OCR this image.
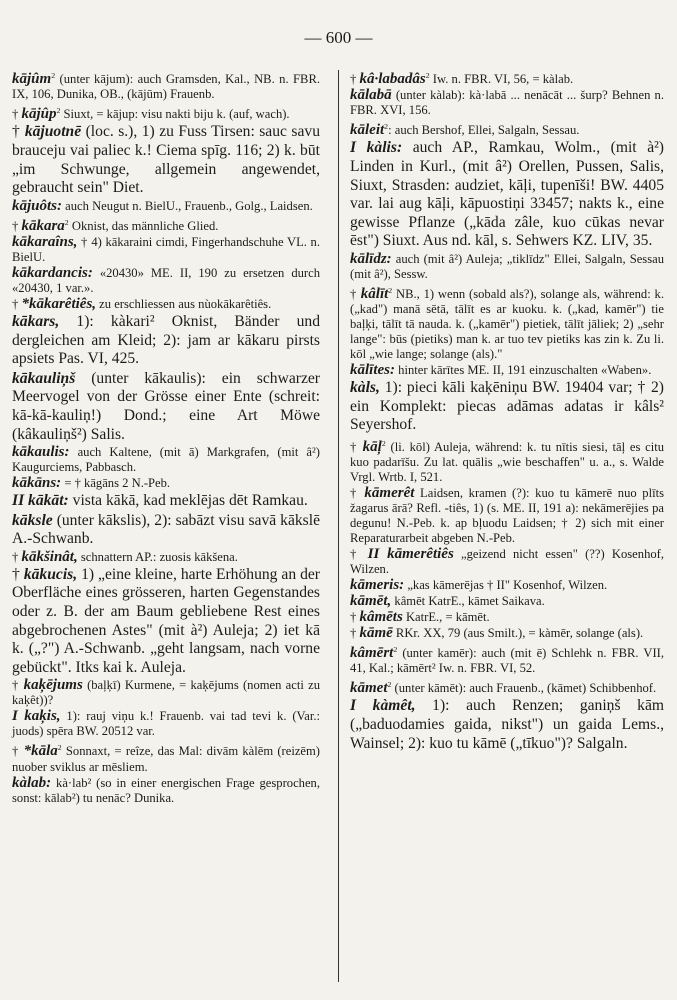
— 600 —

kājûm$^2$ (unter kājum): auch Gramsden, Kal., NB. n. FBR. IX, 106, Dunika, OB., (kājūm) Frauenb.

† kājûp$^2$ Siuxt, = kājup: visu nakti biju k. (auf, wach).

† kājuotnē (loc. s.), 1) zu Fuss Tirsen: sauc savu brauceju vai paliec k.! Ciema spīg. 116; 2) k. būt „im Schwunge, allgemein angewendet, gebraucht sein" Diet.

kājuôts: auch Neugut n. BielU., Frauenb., Golg., Laidsen.

† kākara$^2$ Oknist, das männliche Glied.

kākaraîns, † 4) kākaraini cimdi, Fingerhandschuhe VL. n. BielU.

kākardancis: «20430» ME. II, 190 zu ersetzen durch «20430, 1 var.».

† *kākarêtiês, zu erschliessen aus nùokākarêtiês.

kākars, 1): kàkari² Oknist, Bänder und dergleichen am Kleid; 2): jam ar kākaru pirsts apsiets Pas. VI, 425.

kākauliņš (unter kākaulis): ein schwarzer Meervogel von der Grösse einer Ente (schreit: kā-kā-kauliņ!) Dond.; eine Art Möwe (kâkauliņš²) Salis.

kākaulis: auch Kaltene, (mit ā) Markgrafen, (mit â²) Kaugurciems, Pabbasch.

kākāns: = † kāgāns 2 N.-Peb.

II kākāt: vista kākā, kad meklējas dēt Ramkau.

kāksle (unter kākslis), 2): sabāzt visu savā kākslē A.-Schwanb.

† kākšinât, schnattern AP.: zuosis kākšena.

† kākucis, 1) „eine kleine, harte Erhöhung an der Oberfläche eines grösseren, harten Gegenstandes oder z. B. der am Baum gebliebene Rest eines abgebrochenen Astes" (mit à²) Auleja; 2) iet kā k. („?") A.-Schwanb. „geht langsam, nach vorne gebückt". Itks kai k. Auleja.

† kaķējums (baļķī) Kurmene, = kaķējums (nomen acti zu kaķêt))?

I kaķis, 1): rauj viņu k.! Frauenb. vai tad tevi k. (Var.: juods) spēra BW. 20512 var.

† *kāla$^2$ Sonnaxt, = reîze, das Mal: divām kàlēm (reizēm) nuober sviklus ar mēsliem.

kàlab: kà·lab² (so in einer energischen Frage gesprochen, sonst: kālab²) tu nenāc? Dunika.

† kâ·labadâs$^2$ Iw. n. FBR. VI, 56, = kàlab.

kālabā (unter kàlab): kà·labā ... nenācāt ... šurp? Behnen n. FBR. XVI, 156.

kāleit$^2$: auch Bershof, Ellei, Salgaln, Sessau.

I kàlis: auch AP., Ramkau, Wolm., (mit à²) Linden in Kurl., (mit â²) Orellen, Pussen, Salis, Siuxt, Strasden: audziet, kāļi, tupenīši! BW. 4405 var. lai aug kāļi, kāpuostiņi 33457; nakts k., eine gewisse Pflanze („kāda zâle, kuo cūkas nevar ēst") Siuxt. Aus nd. kāl, s. Sehwers KZ. LIV, 35.

kālīdz: auch (mit â²) Auleja; „tiklīdz" Ellei, Salgaln, Sessau (mit â²), Sessw.

† kâlīt$^2$ NB., 1) wenn (sobald als?), solange als, während: k. („kad") manā sētā, tālīt es ar kuoku. k. („kad, kamēr") tie baļķi, tālīt tā nauda. k. („kamēr") pietiek, tālīt jāliek; 2) „sehr lange": būs (pietiks) man k. ar tuo tev pietiks kas zin k. Zu li. kōl „wie lange; solange (als)."

kālītes: hinter kārītes ME. II, 191 einzuschalten «Waben».

kàls, 1): pieci kāli kaķēniņu BW. 19404 var; † 2) ein Komplekt: piecas adāmas adatas ir kâls² Seyershof.

† kāļ$^2$ (li. kōl) Auleja, während: k. tu nītis siesi, tāļ es citu kuo padarīšu. Zu lat. quālis „wie beschaffen" u. a., s. Walde Vrgl. Wrtb. I, 521.

† kāmerêt Laidsen, kramen (?): kuo tu kāmerē nuo plīts žagarus ārā? Refl. -tiês, 1) (s. ME. II, 191 a): nekāmerējies pa degunu! N.-Peb. k. ap bļuodu Laidsen; † 2) sich mit einer Reparaturarbeit abgeben N.-Peb.

† II kāmerêtiês „geizend nicht essen" (??) Kosenhof, Wilzen.

kāmeris: „kas kāmerējas † II" Kosenhof, Wilzen.

kāmēt, kâmēt KatrE., kāmet Saikava.

† kâmēts KatrE., = kāmēt.

† kāmē RKr. XX, 79 (aus Smilt.), = kàmēr, solange (als).

kâmērt$^2$ (unter kamēr): auch (mit ē) Schlehk n. FBR. VII, 41, Kal.; kāmērt² Iw. n. FBR. VI, 52.

kāmet$^2$ (unter kāmēt): auch Frauenb., (kāmet) Schibbenhof.

I kàmêt, 1): auch Renzen; ganiņš kām („baduodamies gaida, nikst") un gaida Lems., Wainsel; 2): kuo tu kāmē („tīkuo")? Salgaln.
